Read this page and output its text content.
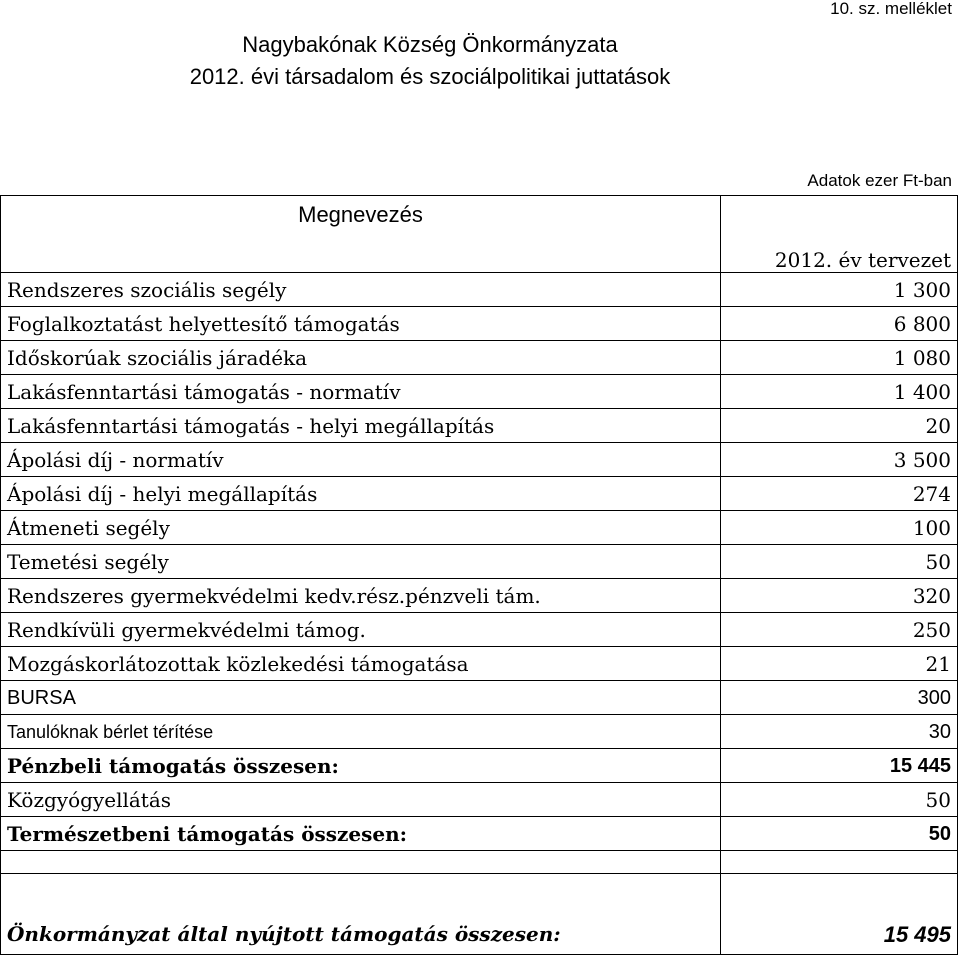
10. sz. melléklet
Nagybakónak Község Önkormányzata
2012. évi társadalom és szociálpolitikai juttatások
Adatok ezer Ft-ban
Megnevezés	2012. év tervezet
Rendszeres szociális segély	1 300
Foglalkoztatást helyettesítő támogatás	6 800
Időskorúak szociális járadéka	1 080
Lakásfenntartási támogatás - normatív	1 400
Lakásfenntartási támogatás - helyi megállapítás	20
Ápolási díj - normatív	3 500
Ápolási díj - helyi megállapítás	274
Átmeneti segély	100
Temetési segély	50
Rendszeres gyermekvédelmi kedv.rész.pénzveli tám.	320
Rendkívüli gyermekvédelmi támog.	250
Mozgáskorlátozottak közlekedési támogatása	21
BURSA	300
Tanulóknak bérlet térítése	30
Pénzbeli támogatás összesen:	15 445
Közgyógyellátás	50
Természetbeni támogatás összesen:	50

Önkormányzat által nyújtott támogatás összesen:	15 495
